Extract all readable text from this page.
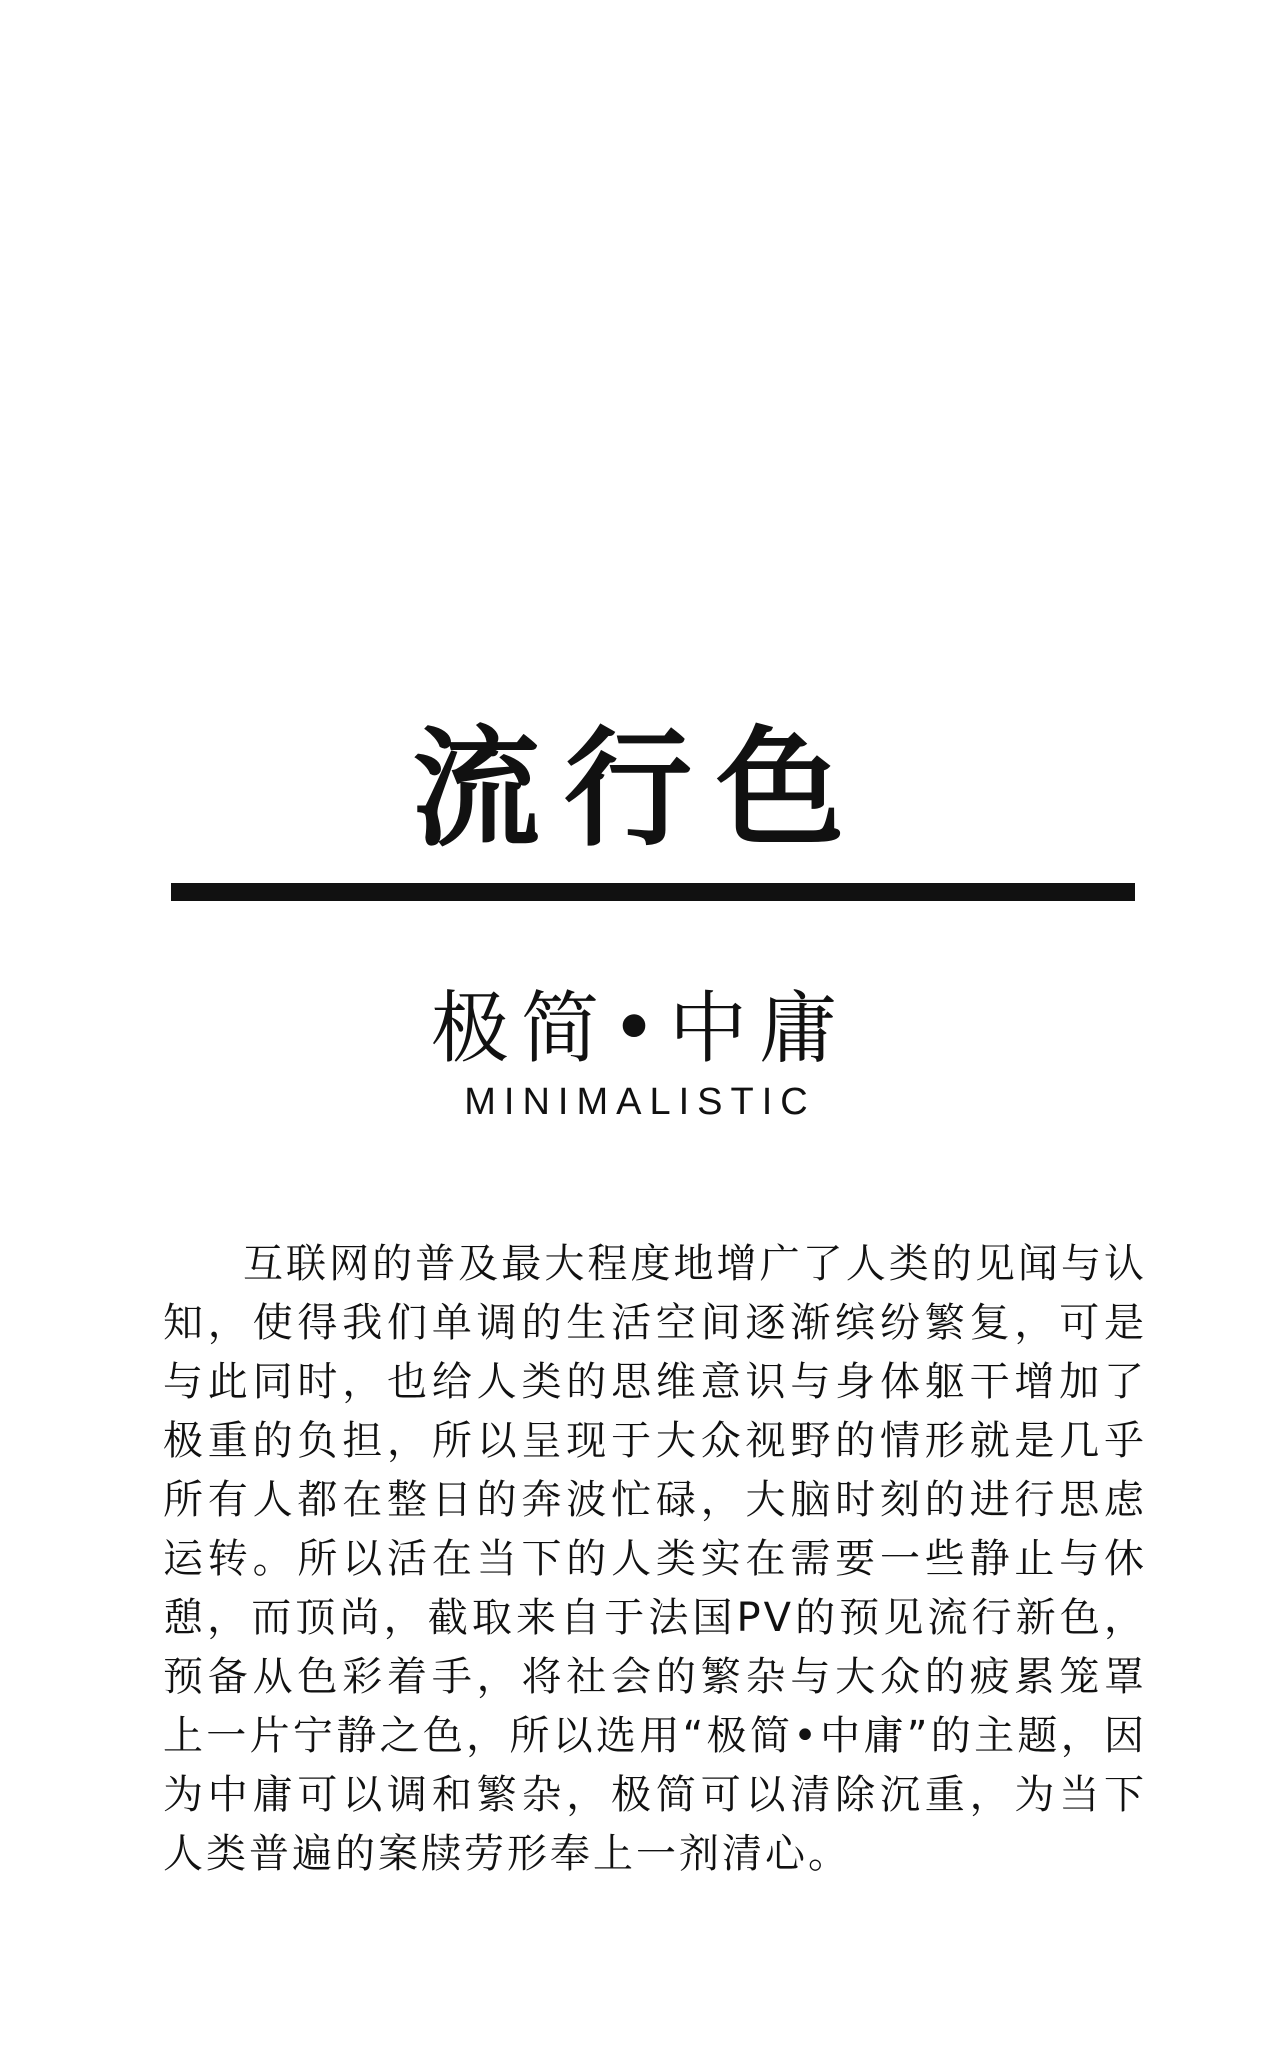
流行色
极简•中庸
MINIMALISTIC

互联网的普及最大程度地增广了人类的见闻与认知，使得我们单调的生活空间逐渐缤纷繁复，可是与此同时，也给人类的思维意识与身体躯干增加了极重的负担，所以呈现于大众视野的情形就是几乎所有人都在整日的奔波忙碌，大脑时刻的进行思虑运转。所以活在当下的人类实在需要一些静止与休憩，而顶尚，截取来自于法国PV的预见流行新色，预备从色彩着手，将社会的繁杂与大众的疲累笼罩上一片宁静之色，所以选用“极简•中庸”的主题，因为中庸可以调和繁杂，极简可以清除沉重，为当下人类普遍的案牍劳形奉上一剂清心。
